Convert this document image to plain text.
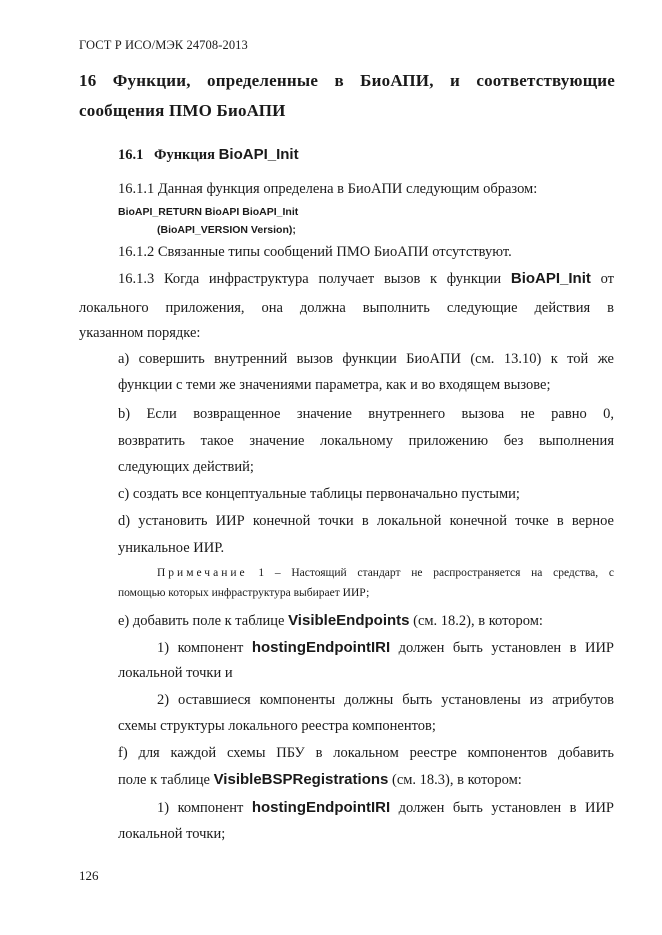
ГОСТ Р ИСО/МЭК 24708-2013
16 Функции, определенные в БиоАПИ, и соответствующие
сообщения ПМО БиоАПИ
16.1 Функция BioAPI_Init
16.1.1 Данная функция определена в БиоАПИ следующим образом:
BioAPI_RETURN BioAPI BioAPI_Init
(BioAPI_VERSION Version);
16.1.2 Связанные типы сообщений ПМО БиоАПИ отсутствуют.
16.1.3 Когда инфраструктура получает вызов к функции BioAPI_Init от
локального приложения, она должна выполнить следующие действия в
указанном порядке:
а) совершить внутренний вызов функции БиоАПИ (см. 13.10) к той же
функции с теми же значениями параметра, как и во входящем вызове;
b) Если возвращенное значение внутреннего вызова не равно 0,
возвратить такое значение локальному приложению без выполнения
следующих действий;
с) создать все концептуальные таблицы первоначально пустыми;
d) установить ИИР конечной точки в локальной конечной точке в верное
уникальное ИИР.
Примечание 1 – Настоящий стандарт не распространяется на средства, с
помощью которых инфраструктура выбирает ИИР;
е) добавить поле к таблице VisibleEndpoints (см. 18.2), в котором:
1) компонент hostingEndpointIRI должен быть установлен в ИИР
локальной точки и
2) оставшиеся компоненты должны быть установлены из атрибутов
схемы структуры локального реестра компонентов;
f) для каждой схемы ПБУ в локальном реестре компонентов добавить
поле к таблице VisibleBSPRegistrations (см. 18.3), в котором:
1) компонент hostingEndpointIRI должен быть установлен в ИИР
локальной точки;
126
